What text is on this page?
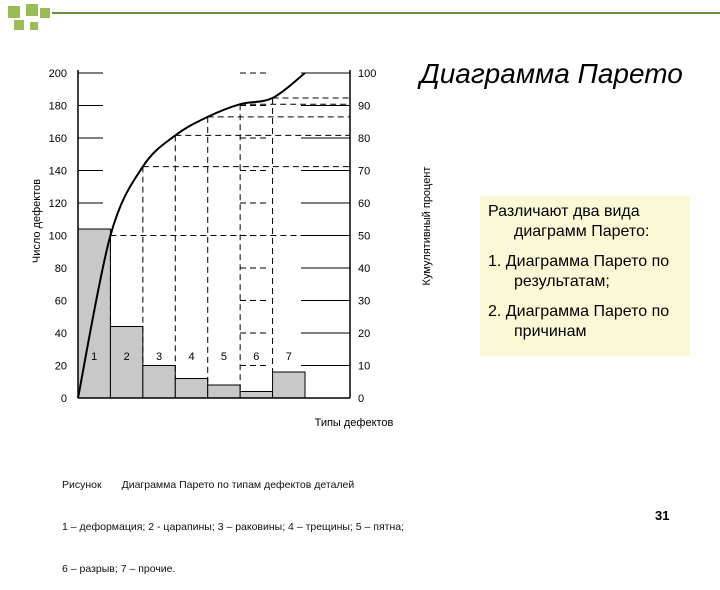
Диаграмма Парето
0
20
40
60
80
100
120
140
160
180
200
0
10
20
30
40
50
60
70
80
90
100
1 2 3 4 5 6 7
Число дефектов	Кумулятивный процент
Типы дефектов

Различают два вида диаграмм Парето:

1. Диаграмма Парето по результатам;

2. Диаграмма Парето по причинам

Рисунок Диаграмма Парето по типам дефектов деталей

1 – деформация; 2 - царапины; 3 – раковины; 4 – трещины; 5 – пятна;

6 – разрыв; 7 – прочие.

31
